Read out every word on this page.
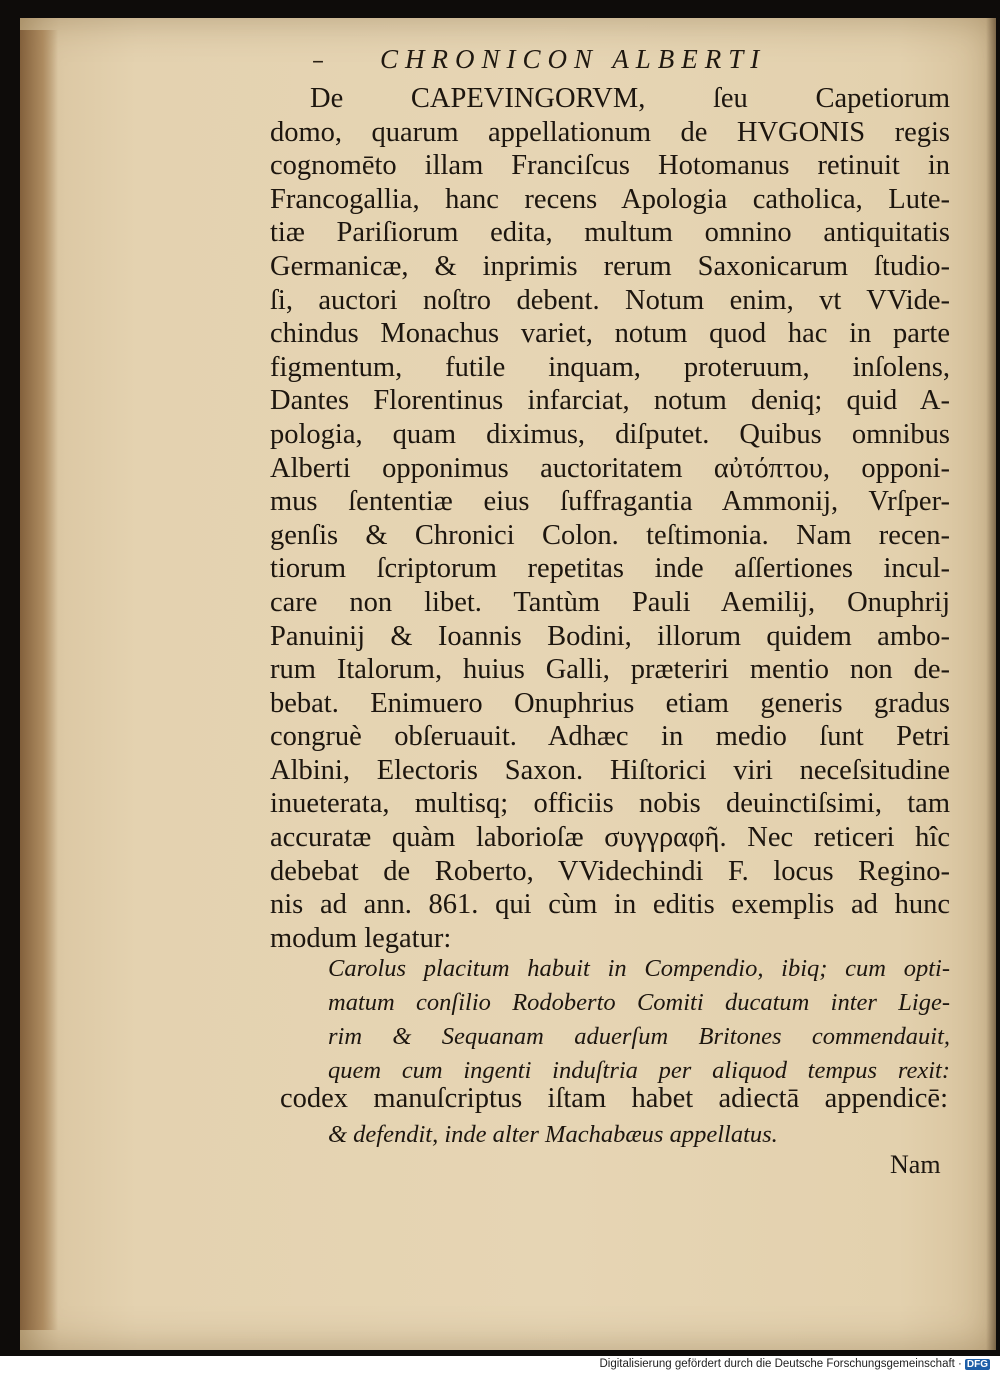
– CHRONICON ALBERTI
De CAPEVINGORVM, ſeu Capetiorum
domo, quarum appellationum de HVGONIS regis
cognomēto illam Franciſcus Hotomanus retinuit in
Francogallia, hanc recens Apologia catholica, Lute-
tiæ Pariſiorum edita, multum omnino antiquitatis
Germanicæ, & inprimis rerum Saxonicarum ſtudio-
ſi, auctori noſtro debent. Notum enim, vt VVide-
chindus Monachus variet, notum quod hac in parte
figmentum, futile inquam, proteruum, inſolens,
Dantes Florentinus infarciat, notum deniq; quid A-
pologia, quam diximus, diſputet. Quibus omnibus
Alberti opponimus auctoritatem αὐτόπτου, opponi-
mus ſententiæ eius ſuffragantia Ammonij, Vrſper-
genſis & Chronici Colon. teſtimonia. Nam recen-
tiorum ſcriptorum repetitas inde aſſertiones incul-
care non libet. Tantùm Pauli Aemilij, Onuphrij
Panuinij & Ioannis Bodini, illorum quidem ambo-
rum Italorum, huius Galli, præteriri mentio non de-
bebat. Enimuero Onuphrius etiam generis gradus
congruè obſeruauit. Adhæc in medio ſunt Petri
Albini, Electoris Saxon. Hiſtorici viri neceſsitudine
inueterata, multisq; officiis nobis deuinctiſsimi, tam
accuratæ quàm laborioſæ συγγραφῆ. Nec reticeri hîc
debebat de Roberto, VVidechindi F. locus Regino-
nis ad ann. 861. qui cùm in editis exemplis ad hunc
modum legatur:
Carolus placitum habuit in Compendio, ibiq; cum opti-
matum conſilio Rodoberto Comiti ducatum inter Lige-
rim & Sequanam aduerſum Britones commendauit,
quem cum ingenti induſtria per aliquod tempus rexit:
codex manuſcriptus iſtam habet adiectā appendicē:
& defendit, inde alter Machabæus appellatus.
Nam
Digitalisierung gefördert durch die Deutsche Forschungsgemeinschaft · DFG
